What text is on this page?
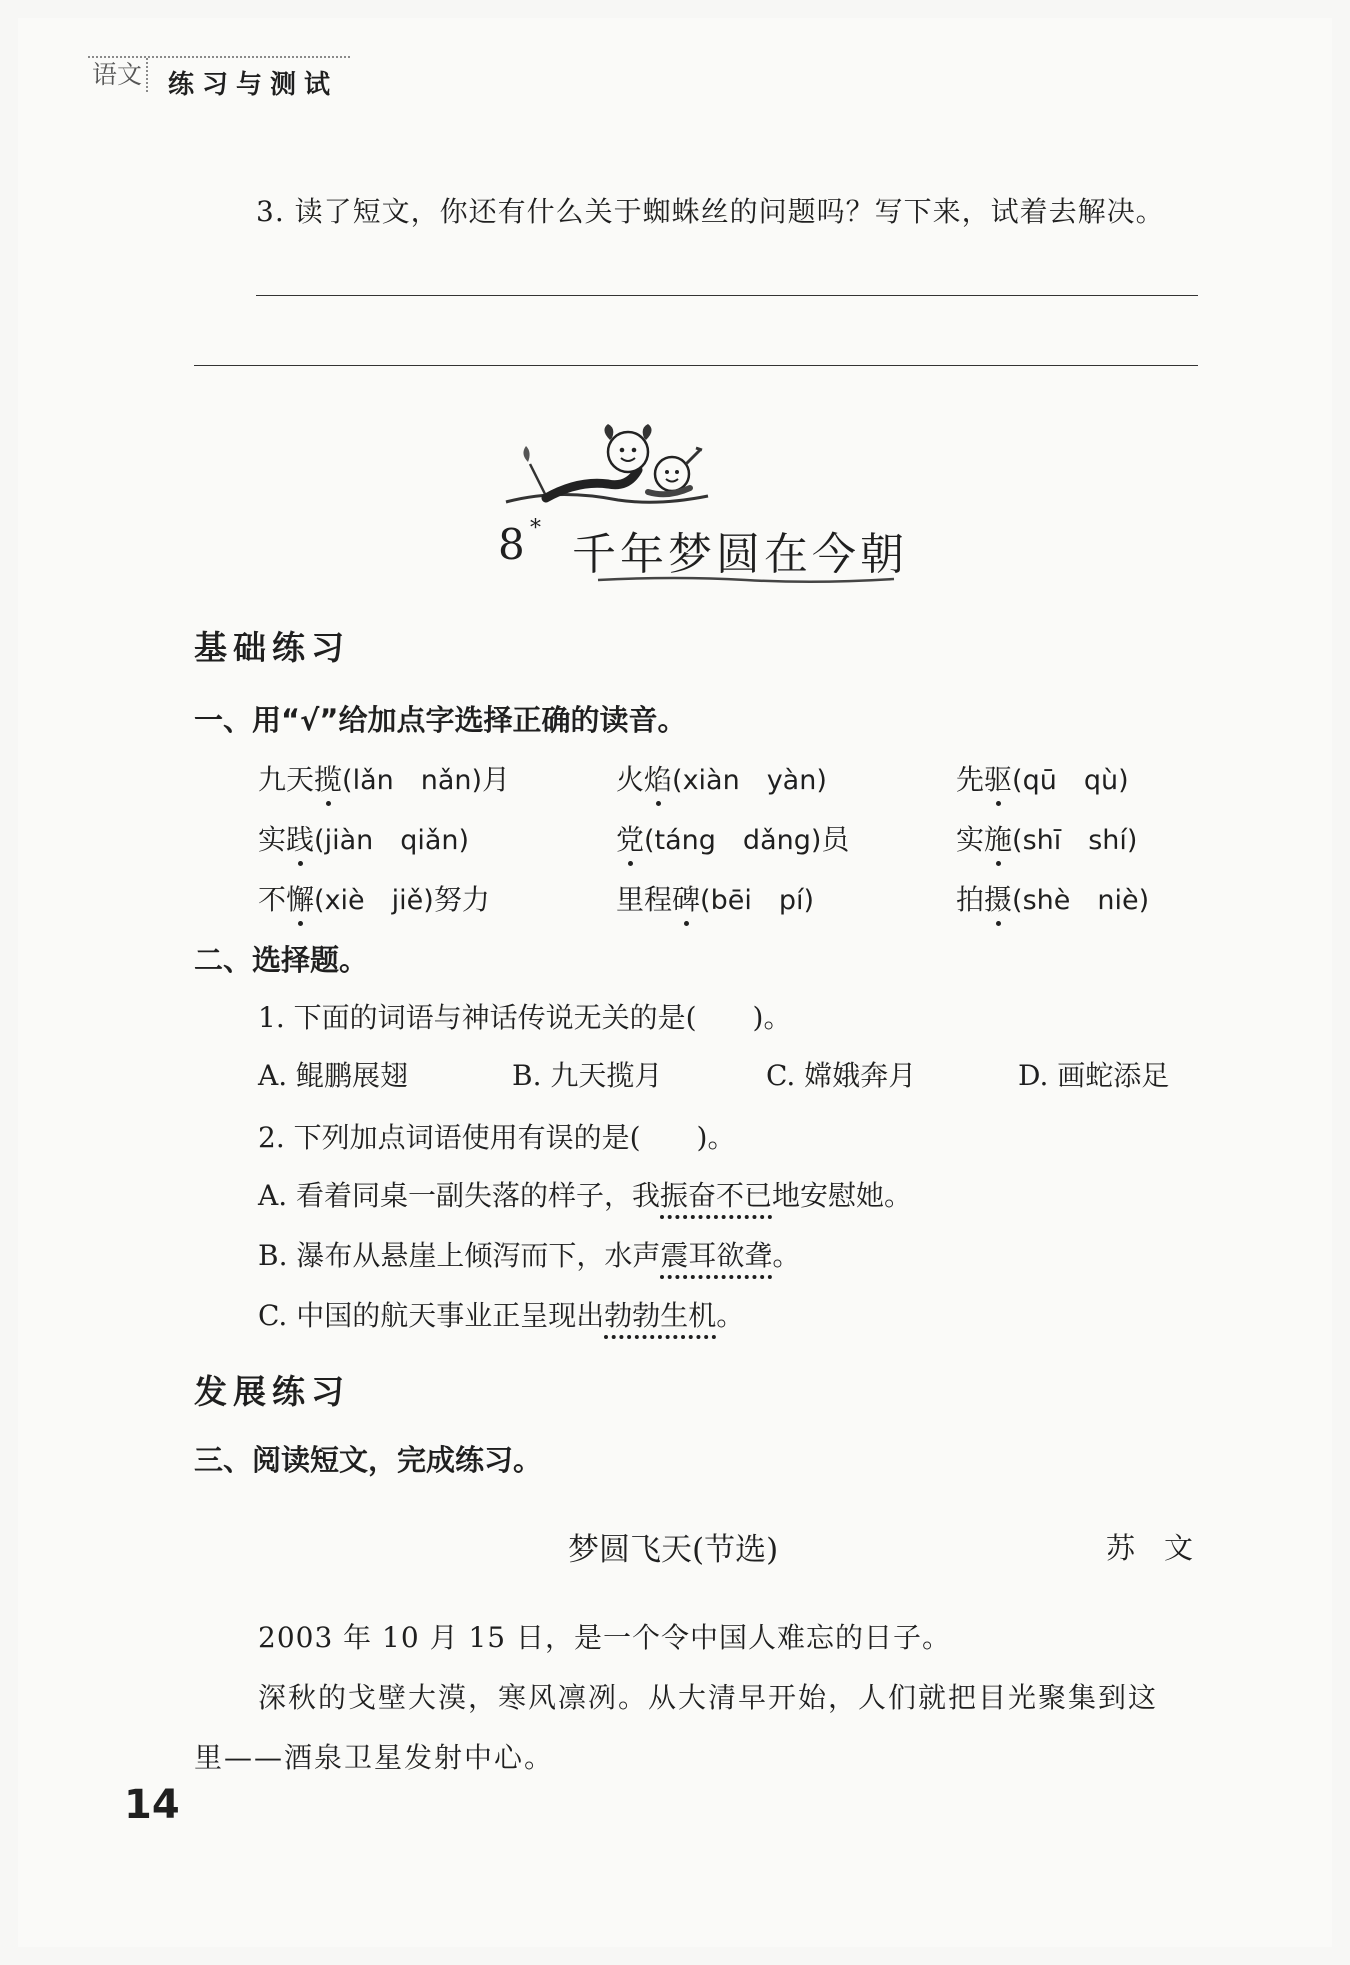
语文 练习与测试
3. 读了短文，你还有什么关于蜘蛛丝的问题吗？写下来，试着去解决。
8 *
千年梦圆在今朝
基础练习
一、用“√”给加点字选择正确的读音。
九天揽(lǎn　nǎn)月	火焰(xiàn　yàn)	先驱(qū　qù)
实践(jiàn　qiǎn)	党(táng　dǎng)员	实施(shī　shí)
不懈(xiè　jiě)努力	里程碑(bēi　pí)	拍摄(shè　niè)
二、选择题。
1. 下面的词语与神话传说无关的是(　　)。
A. 鲲鹏展翅	B. 九天揽月	C. 嫦娥奔月	D. 画蛇添足
2. 下列加点词语使用有误的是(　　)。
A. 看着同桌一副失落的样子，我振奋不已地安慰她。
B. 瀑布从悬崖上倾泻而下，水声震耳欲聋。
C. 中国的航天事业正呈现出勃勃生机。
发展练习
三、阅读短文，完成练习。
梦圆飞天(节选)	苏　文
2003 年 10 月 15 日，是一个令中国人难忘的日子。
深秋的戈壁大漠，寒风凛冽。从大清早开始，人们就把目光聚集到这
里——酒泉卫星发射中心。
14
